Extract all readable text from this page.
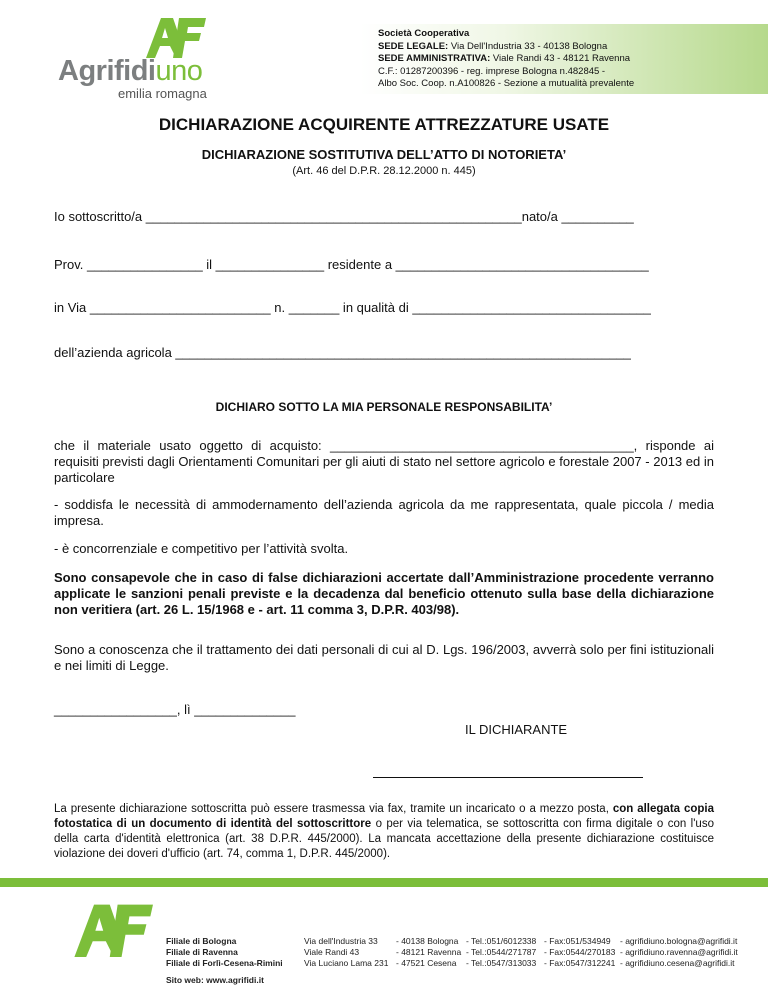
Agrifidiuno
emilia romagna
Società Cooperativa
SEDE LEGALE: Via Dell'Industria 33 - 40138 Bologna
SEDE AMMINISTRATIVA: Viale Randi 43 - 48121 Ravenna
C.F.: 01287200396 - reg. imprese Bologna n.482845 -
Albo Soc. Coop. n.A100826 - Sezione a mutualità prevalente
DICHIARAZIONE ACQUIRENTE ATTREZZATURE USATE
DICHIARAZIONE SOSTITUTIVA DELL’ATTO DI NOTORIETA’
(Art. 46 del D.P.R. 28.12.2000 n. 445)
Io sottoscritto/a ____________________________________________________nato/a __________
Prov. ________________ il _______________ residente a ___________________________________
in Via _________________________ n. _______ in qualità di _________________________________
dell’azienda agricola _______________________________________________________________
DICHIARO SOTTO LA MIA PERSONALE RESPONSABILITA’
che il materiale usato oggetto di acquisto: __________________________________________, risponde ai requisiti previsti dagli Orientamenti Comunitari per gli aiuti di stato nel settore agricolo e forestale 2007 - 2013 ed in particolare
- soddisfa le necessità di ammodernamento dell’azienda agricola da me rappresentata, quale piccola / media impresa.
- è concorrenziale e competitivo per l’attività svolta.
Sono consapevole che in caso di false dichiarazioni accertate dall’Amministrazione procedente verranno applicate le sanzioni penali previste e la decadenza dal beneficio ottenuto sulla base della dichiarazione non veritiera (art. 26 L. 15/1968 e - art. 11 comma 3, D.P.R. 403/98).
Sono a conoscenza che il trattamento dei dati personali di cui al D. Lgs. 196/2003, avverrà solo per fini istituzionali e nei limiti di Legge.
_________________, lì ______________
IL DICHIARANTE
La presente dichiarazione sottoscritta può essere trasmessa via fax, tramite un incaricato o a mezzo posta, con allegata copia fotostatica di un documento di identità del sottoscrittore o per via telematica, se sottoscritta con firma digitale o con l'uso della carta d'identità elettronica (art. 38 D.P.R. 445/2000). La mancata accettazione della presente dichiarazione costituisce violazione dei doveri d'ufficio (art. 74, comma 1, D.P.R. 445/2000).
Filiale di Bologna
Filiale di Ravenna
Filiale di Forlì-Cesena-Rimini
Sito web: www.agrifidi.it
Via dell'Industria 33
Viale Randi 43
Via Luciano Lama 231
- 40138 Bologna
- 48121 Ravenna
- 47521 Cesena
- Tel.:051/6012338
- Tel.:0544/271787
- Tel.:0547/313033
- Fax:051/534949
- Fax:0544/270183
- Fax:0547/312241
- agrifidiuno.bologna@agrifidi.it
- agrifidiuno.ravenna@agrifidi.it
- agrifidiuno.cesena@agrifidi.it
